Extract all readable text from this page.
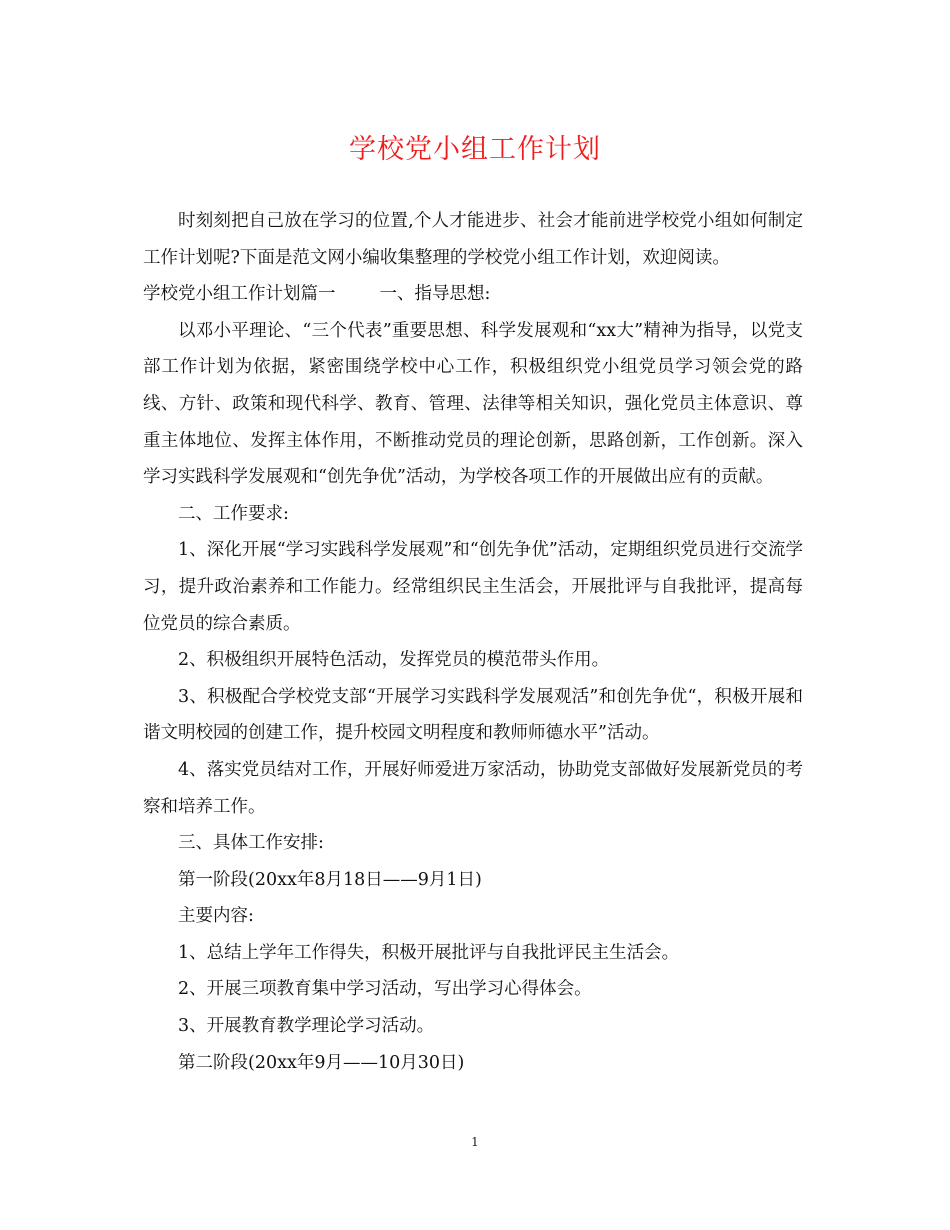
学校党小组工作计划

时刻刻把自己放在学习的位置,个人才能进步、社会才能前进学校党小组如何制定工作计划呢?下面是范文网小编收集整理的学校党小组工作计划，欢迎阅读。

学校党小组工作计划篇一	一、指导思想:

以邓小平理论、“三个代表”重要思想、科学发展观和“xx大”精神为指导，以党支部工作计划为依据，紧密围绕学校中心工作，积极组织党小组党员学习领会党的路线、方针、政策和现代科学、教育、管理、法律等相关知识，强化党员主体意识、尊重主体地位、发挥主体作用，不断推动党员的理论创新，思路创新，工作创新。深入学习实践科学发展观和“创先争优”活动，为学校各项工作的开展做出应有的贡献。

二、工作要求:

1、深化开展“学习实践科学发展观”和“创先争优”活动，定期组织党员进行交流学习，提升政治素养和工作能力。经常组织民主生活会，开展批评与自我批评，提高每位党员的综合素质。

2、积极组织开展特色活动，发挥党员的模范带头作用。

3、积极配合学校党支部“开展学习实践科学发展观活”和创先争优“，积极开展和谐文明校园的创建工作，提升校园文明程度和教师师德水平”活动。

4、落实党员结对工作，开展好师爱进万家活动，协助党支部做好发展新党员的考察和培养工作。

三、具体工作安排:

第一阶段(20xx年8月18日——9月1日)

主要内容:

1、总结上学年工作得失，积极开展批评与自我批评民主生活会。

2、开展三项教育集中学习活动，写出学习心得体会。

3、开展教育教学理论学习活动。

第二阶段(20xx年9月——10月30日)

1
